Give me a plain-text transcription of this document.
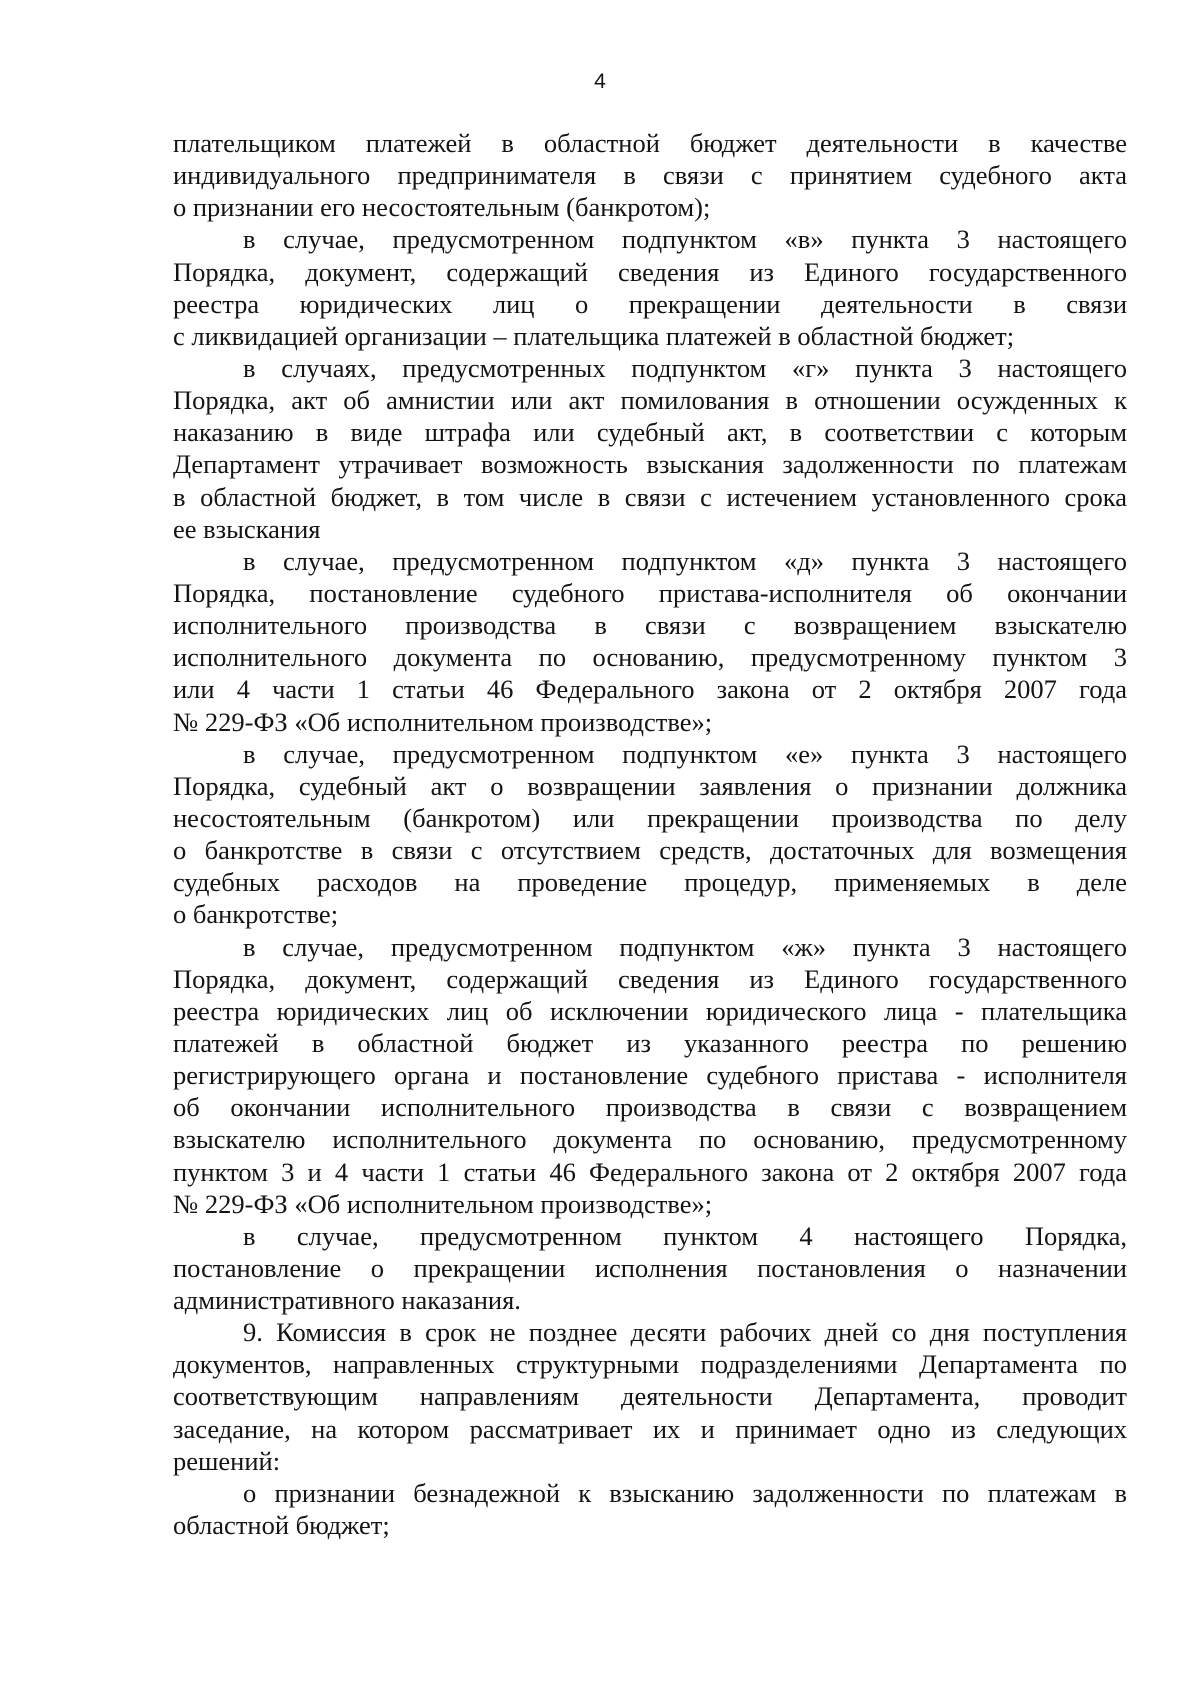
4
плательщиком платежей в областной бюджет деятельности в качестве
индивидуального предпринимателя в связи с принятием судебного акта
о признании его несостоятельным (банкротом);
в случае, предусмотренном подпунктом «в» пункта 3 настоящего
Порядка, документ, содержащий сведения из Единого государственного
реестра юридических лиц о прекращении деятельности в связи
с ликвидацией организации – плательщика платежей в областной бюджет;
в случаях, предусмотренных подпунктом «г» пункта 3 настоящего
Порядка, акт об амнистии или акт помилования в отношении осужденных к
наказанию в виде штрафа или судебный акт, в соответствии с которым
Департамент утрачивает возможность взыскания задолженности по платежам
в областной бюджет, в том числе в связи с истечением установленного срока
ее взыскания
в случае, предусмотренном подпунктом «д» пункта 3 настоящего
Порядка, постановление судебного пристава-исполнителя об окончании
исполнительного производства в связи с возвращением взыскателю
исполнительного документа по основанию, предусмотренному пунктом 3
или 4 части 1 статьи 46 Федерального закона от 2 октября 2007 года
№ 229-ФЗ «Об исполнительном производстве»;
в случае, предусмотренном подпунктом «е» пункта 3 настоящего
Порядка, судебный акт о возвращении заявления о признании должника
несостоятельным (банкротом) или прекращении производства по делу
о банкротстве в связи с отсутствием средств, достаточных для возмещения
судебных расходов на проведение процедур, применяемых в деле
о банкротстве;
в случае, предусмотренном подпунктом «ж» пункта 3 настоящего
Порядка, документ, содержащий сведения из Единого государственного
реестра юридических лиц об исключении юридического лица - плательщика
платежей в областной бюджет из указанного реестра по решению
регистрирующего органа и постановление судебного пристава - исполнителя
об окончании исполнительного производства в связи с возвращением
взыскателю исполнительного документа по основанию, предусмотренному
пунктом 3 и 4 части 1 статьи 46 Федерального закона от 2 октября 2007 года
№ 229-ФЗ «Об исполнительном производстве»;
в случае, предусмотренном пунктом 4 настоящего Порядка,
постановление о прекращении исполнения постановления о назначении
административного наказания.
9. Комиссия в срок не позднее десяти рабочих дней со дня поступления
документов, направленных структурными подразделениями Департамента по
соответствующим направлениям деятельности Департамента, проводит
заседание, на котором рассматривает их и принимает одно из следующих
решений:
о признании безнадежной к взысканию задолженности по платежам в
областной бюджет;
